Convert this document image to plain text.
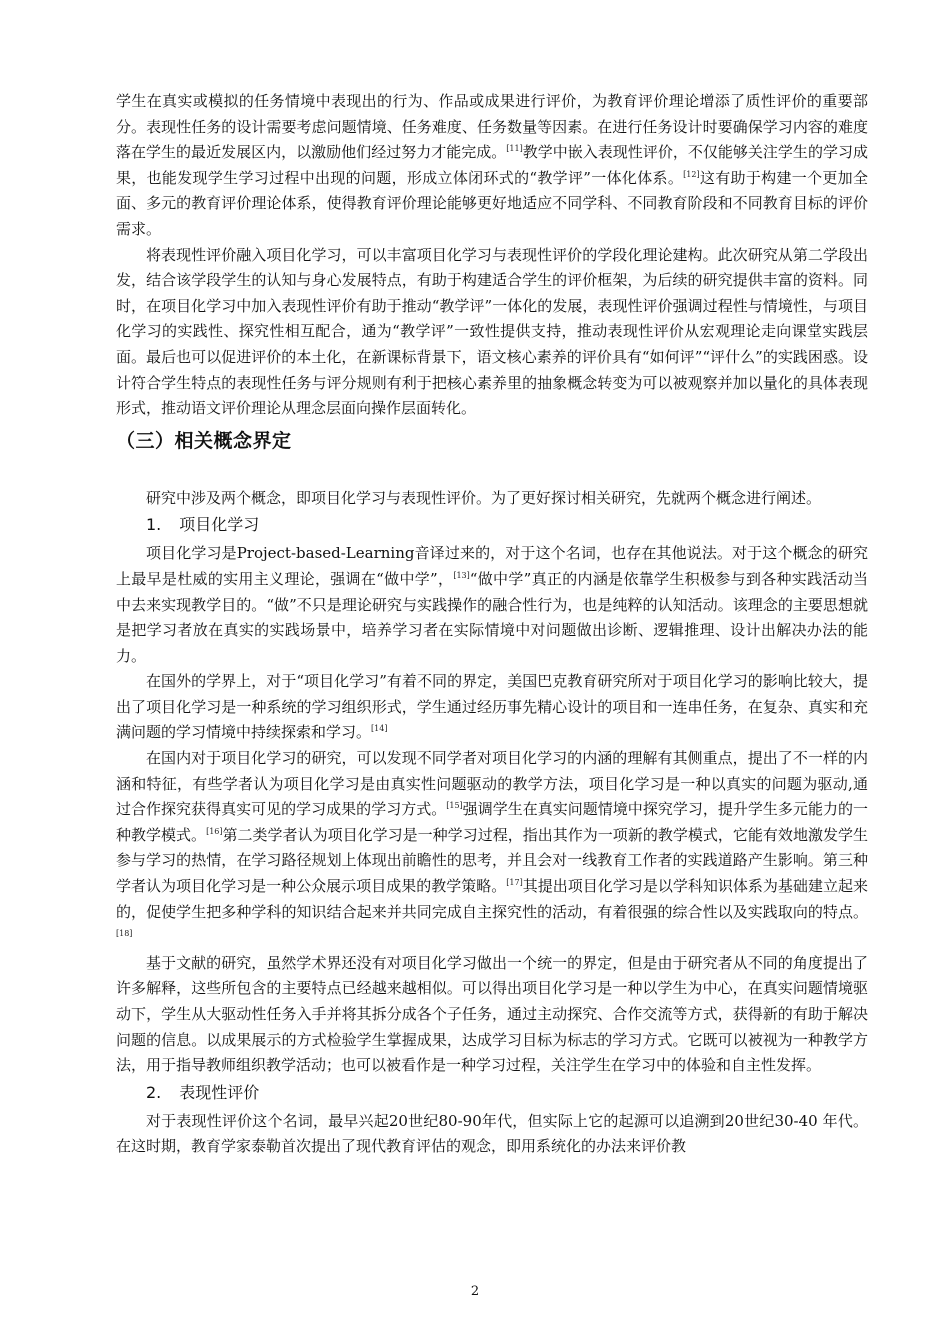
学生在真实或模拟的任务情境中表现出的行为、作品或成果进行评价，为教育评价理论增添了质性评价的重要部分。表现性任务的设计需要考虑问题情境、任务难度、任务数量等因素。在进行任务设计时要确保学习内容的难度落在学生的最近发展区内，以激励他们经过努力才能完成。[11]教学中嵌入表现性评价，不仅能够关注学生的学习成果，也能发现学生学习过程中出现的问题，形成立体闭环式的“教学评”一体化体系。[12]这有助于构建一个更加全面、多元的教育评价理论体系，使得教育评价理论能够更好地适应不同学科、不同教育阶段和不同教育目标的评价需求。

将表现性评价融入项目化学习，可以丰富项目化学习与表现性评价的学段化理论建构。此次研究从第二学段出发，结合该学段学生的认知与身心发展特点，有助于构建适合学生的评价框架，为后续的研究提供丰富的资料。同时，在项目化学习中加入表现性评价有助于推动“教学评”一体化的发展，表现性评价强调过程性与情境性，与项目化学习的实践性、探究性相互配合，通为“教学评”一致性提供支持，推动表现性评价从宏观理论走向课堂实践层面。最后也可以促进评价的本土化，在新课标背景下，语文核心素养的评价具有“如何评”“评什么”的实践困惑。设计符合学生特点的表现性任务与评分规则有利于把核心素养里的抽象概念转变为可以被观察并加以量化的具体表现形式，推动语文评价理论从理念层面向操作层面转化。

（三）相关概念界定

研究中涉及两个概念，即项目化学习与表现性评价。为了更好探讨相关研究，先就两个概念进行阐述。

1. 项目化学习

项目化学习是Project-based-Learning音译过来的，对于这个名词，也存在其他说法。对于这个概念的研究上最早是杜威的实用主义理论，强调在“做中学”，[13]“做中学”真正的内涵是依靠学生积极参与到各种实践活动当中去来实现教学目的。“做”不只是理论研究与实践操作的融合性行为，也是纯粹的认知活动。该理念的主要思想就是把学习者放在真实的实践场景中，培养学习者在实际情境中对问题做出诊断、逻辑推理、设计出解决办法的能力。

在国外的学界上，对于“项目化学习”有着不同的界定，美国巴克教育研究所对于项目化学习的影响比较大，提出了项目化学习是一种系统的学习组织形式，学生通过经历事先精心设计的项目和一连串任务，在复杂、真实和充满问题的学习情境中持续探索和学习。[14]

在国内对于项目化学习的研究，可以发现不同学者对项目化学习的内涵的理解有其侧重点，提出了不一样的内涵和特征，有些学者认为项目化学习是由真实性问题驱动的教学方法，项目化学习是一种以真实的问题为驱动,通过合作探究获得真实可见的学习成果的学习方式。[15]强调学生在真实问题情境中探究学习，提升学生多元能力的一种教学模式。[16]第二类学者认为项目化学习是一种学习过程，指出其作为一项新的教学模式，它能有效地激发学生参与学习的热情，在学习路径规划上体现出前瞻性的思考，并且会对一线教育工作者的实践道路产生影响。第三种学者认为项目化学习是一种公众展示项目成果的教学策略。[17]其提出项目化学习是以学科知识体系为基础建立起来的，促使学生把多种学科的知识结合起来并共同完成自主探究性的活动，有着很强的综合性以及实践取向的特点。[18]

基于文献的研究，虽然学术界还没有对项目化学习做出一个统一的界定，但是由于研究者从不同的角度提出了许多解释，这些所包含的主要特点已经越来越相似。可以得出项目化学习是一种以学生为中心，在真实问题情境驱动下，学生从大驱动性任务入手并将其拆分成各个子任务，通过主动探究、合作交流等方式，获得新的有助于解决问题的信息。以成果展示的方式检验学生掌握成果，达成学习目标为标志的学习方式。它既可以被视为一种教学方法，用于指导教师组织教学活动；也可以被看作是一种学习过程，关注学生在学习中的体验和自主性发挥。

2. 表现性评价

对于表现性评价这个名词，最早兴起20世纪80-90年代，但实际上它的起源可以追溯到20世纪30-40 年代。在这时期，教育学家泰勒首次提出了现代教育评估的观念，即用系统化的办法来评价教

2
